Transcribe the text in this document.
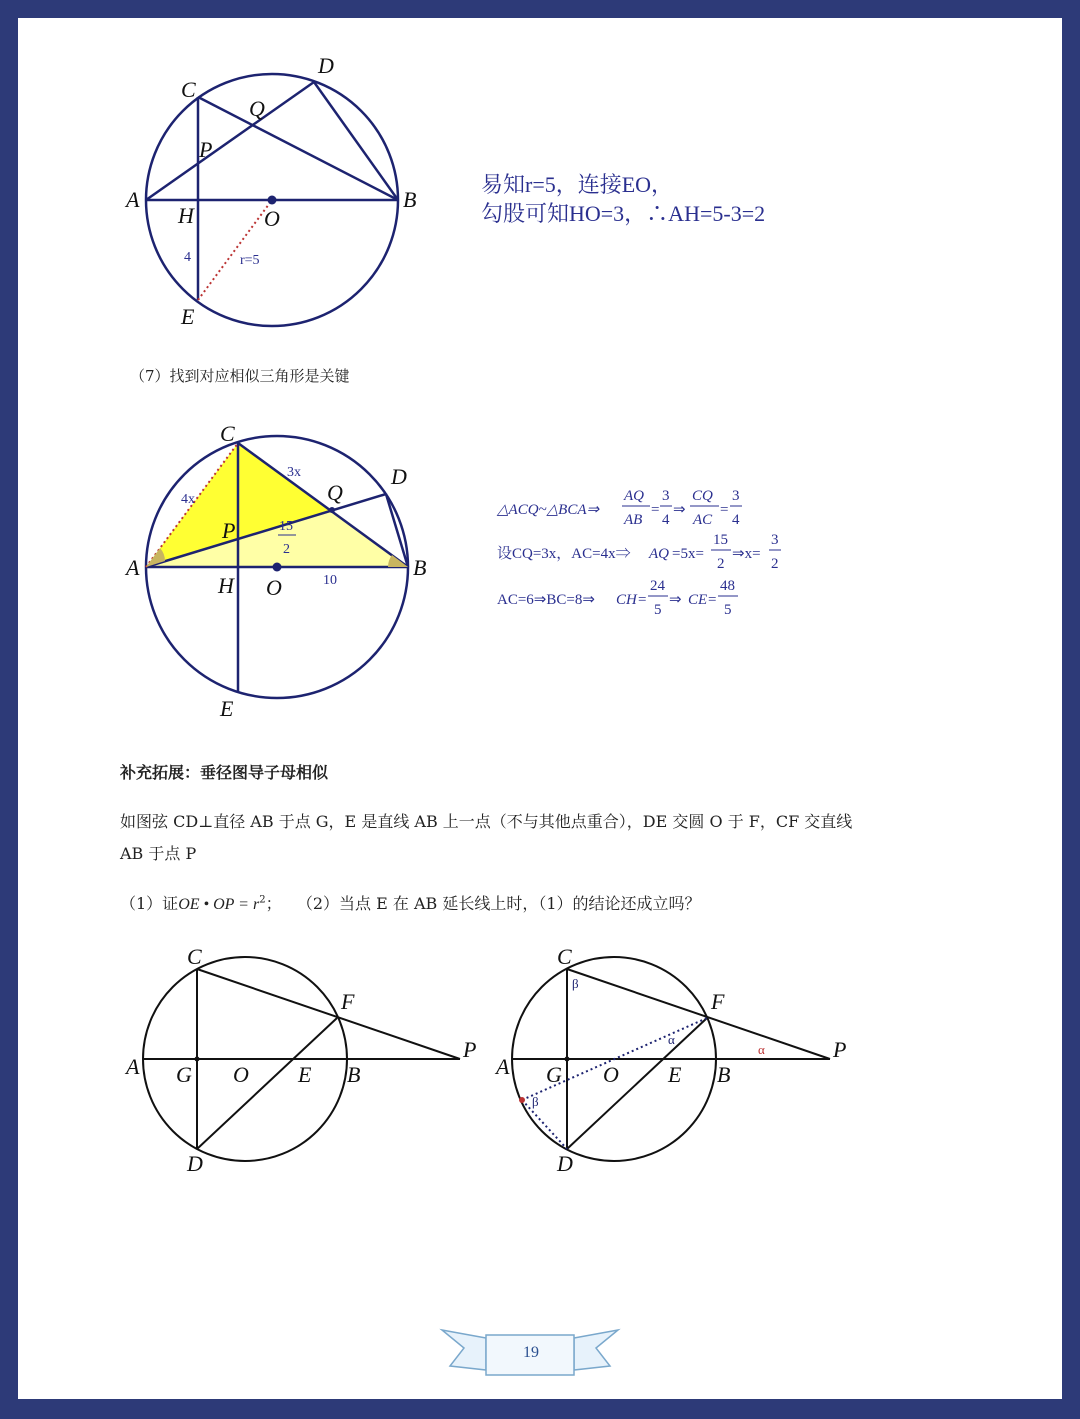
A	B
C
D
E
H	O
P
Q
4	r=5
易知r=5，连接EO，
勾股可知HO=3，∴AH=5-3=2
（7）找到对应相似三角形是关键
A	B
C
D
E
H O
P
Q
3x
4x
15
2
10
△ACQ~△BCA⇒
AQ
AB
=
3
4
⇒
CQ
AC
=
3
4
设CQ=3x，AC=4x⇒ AQ =5x=
15
2
⇒x=
3
2
AC=6⇒BC=8⇒ CH =
24
5
⇒ CE =
48
5
补充拓展：垂径图导子母相似
如图弦 CD⊥直径 AB 于点 G，E 是直线 AB 上一点（不与其他点重合），DE 交圆 O 于 F，CF 交直线
AB 于点 P
（1）证OE • OP = $r^2$； （2）当点 E 在 AB 延长线上时，（1）的结论还成立吗？
A	B
C
D
E
F
G O
P
A	B
C
D
E
F
G O
P
α
α
β
β
19
